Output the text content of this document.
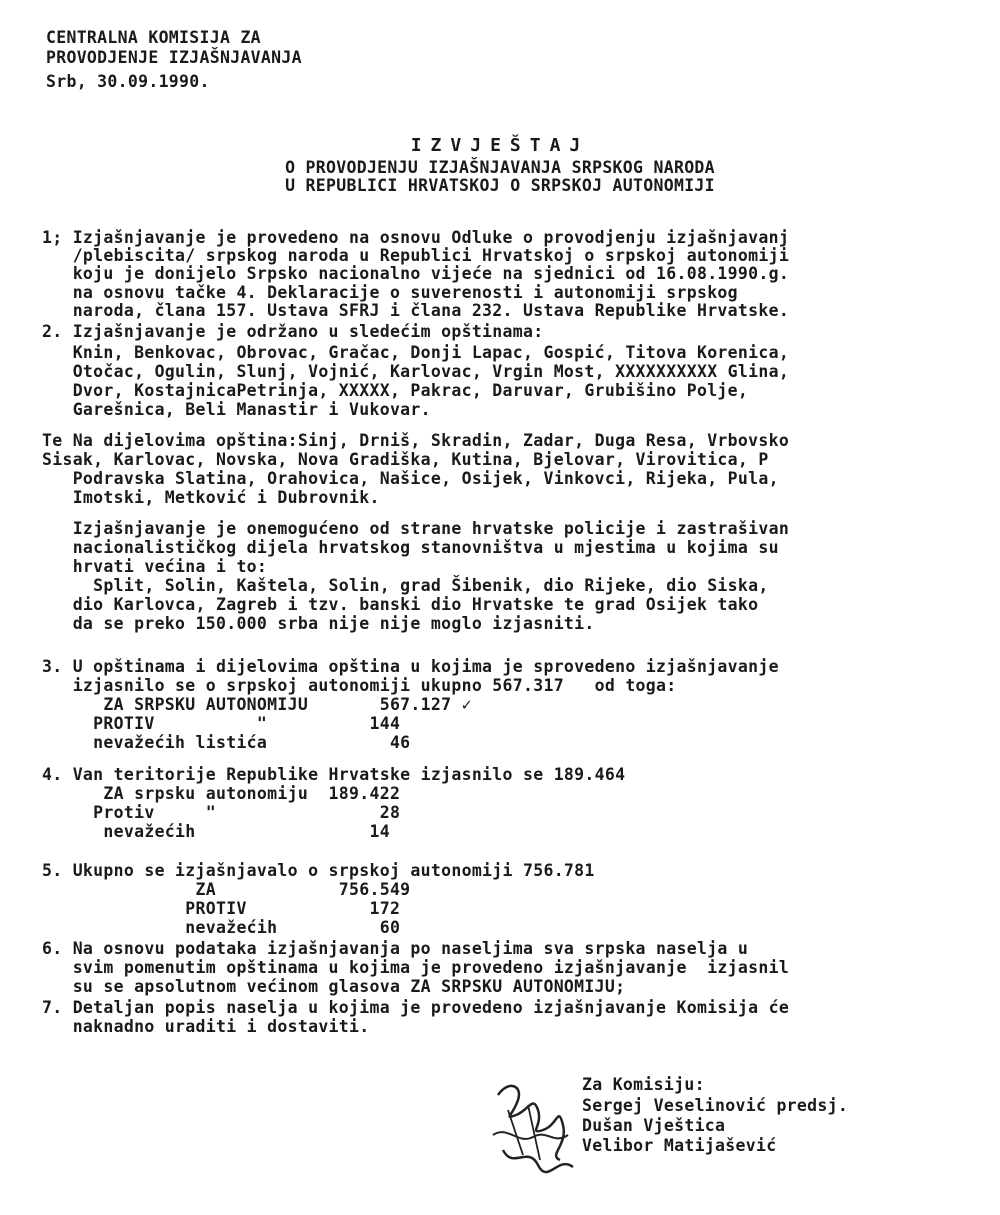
CENTRALNA KOMISIJA ZA
PROVODJENJE IZJAŠNJAVANJA
Srb, 30.09.1990.
IZVJEŠTAJ
O PROVODJENJU IZJAŠNJAVANJA SRPSKOG NARODA
U REPUBLICI HRVATSKOJ O SRPSKOJ AUTONOMIJI
1; Izjašnjavanje je provedeno na osnovu Odluke o provodjenju izjašnjavanj
/plebiscita/ srpskog naroda u Republici Hrvatskoj o srpskoj autonomiji
koju je donijelo Srpsko nacionalno vijeće na sjednici od 16.08.1990.g.
na osnovu tačke 4. Deklaracije o suverenosti i autonomiji srpskog
naroda, člana 157. Ustava SFRJ i člana 232. Ustava Republike Hrvatske.
2. Izjašnjavanje je održano u sledećim opštinama:
Knin, Benkovac, Obrovac, Gračac, Donji Lapac, Gospić, Titova Korenica,
Otočac, Ogulin, Slunj, Vojnić, Karlovac, Vrgin Most, XXXXXXXXXX Glina,
Dvor, KostajnicaPetrinja, XXXXX, Pakrac, Daruvar, Grubišino Polje,
Garešnica, Beli Manastir i Vukovar.
Te Na dijelovima opština:Sinj, Drniš, Skradin, Zadar, Duga Resa, Vrbovsko
Sisak, Karlovac, Novska, Nova Gradiška, Kutina, Bjelovar, Virovitica, P
Podravska Slatina, Orahovica, Našice, Osijek, Vinkovci, Rijeka, Pula,
Imotski, Metković i Dubrovnik.
Izjašnjavanje je onemogućeno od strane hrvatske policije i zastrašivan
nacionalističkog dijela hrvatskog stanovništva u mjestima u kojima su
hrvati većina i to:
Split, Solin, Kaštela, Solin, grad Šibenik, dio Rijeke, dio Siska,
dio Karlovca, Zagreb i tzv. banski dio Hrvatske te grad Osijek tako
da se preko 150.000 srba nije nije moglo izjasniti.
3. U opštinama i dijelovima opština u kojima je sprovedeno izjašnjavanje
izjasnilo se o srpskoj autonomiji ukupno 567.317   od toga:
ZA SRPSKU AUTONOMIJU       567.127 ✓
PROTIV          "          144
nevažećih listića            46
4. Van teritorije Republike Hrvatske izjasnilo se 189.464
ZA srpsku autonomiju  189.422
Protiv     "                28
nevažećih                 14
5. Ukupno se izjašnjavalo o srpskoj autonomiji 756.781
ZA            756.549
PROTIV            172
nevažećih          60
6. Na osnovu podataka izjašnjavanja po naseljima sva srpska naselja u
svim pomenutim opštinama u kojima je provedeno izjašnjavanje  izjasnil
su se apsolutnom većinom glasova ZA SRPSKU AUTONOMIJU;
7. Detaljan popis naselja u kojima je provedeno izjašnjavanje Komisija će
naknadno uraditi i dostaviti.
Za Komisiju:
Sergej Veselinović predsj.
Dušan Vještica
Velibor Matijašević
